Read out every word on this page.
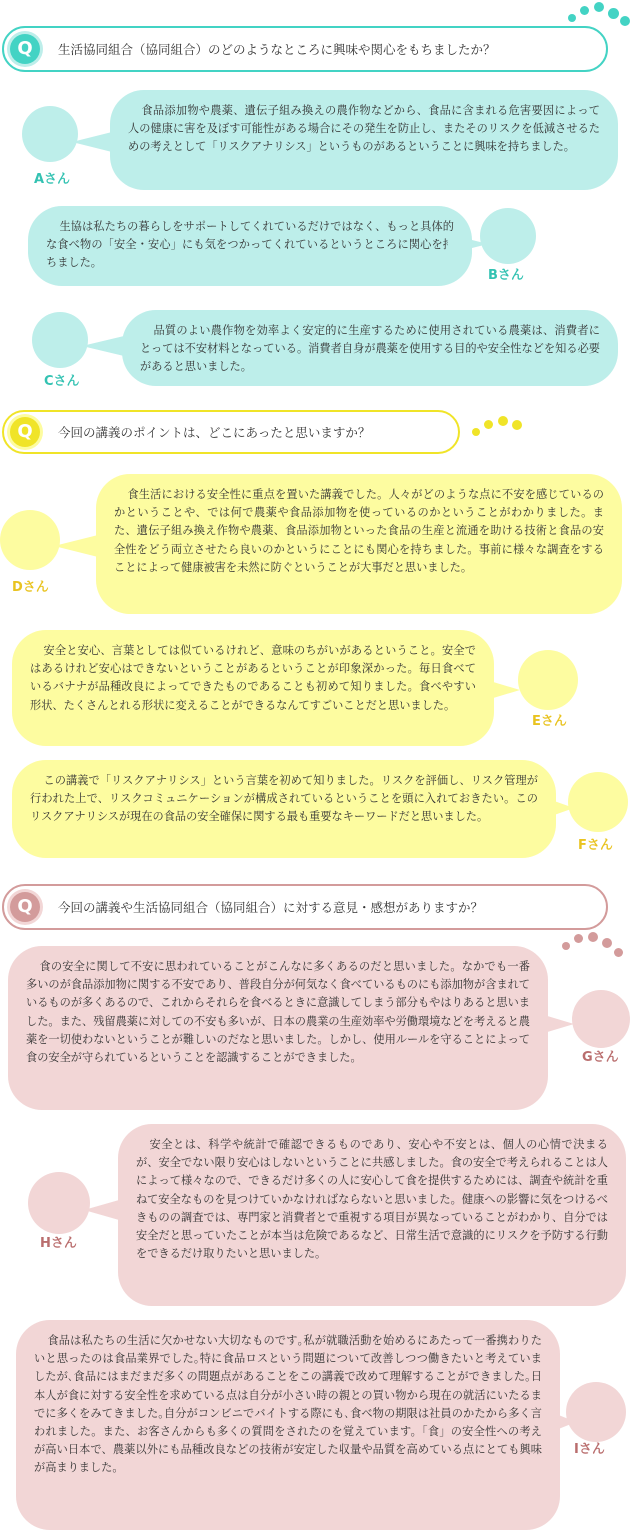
Q	生活協同組合（協同組合）のどのようなところに興味や関心をもちましたか？
Aさん

食品添加物や農薬、遺伝子組み換えの農作物などから、食品に含まれる危害要因によって人の健康に害を及ぼす可能性がある場合にその発生を防止し、またそのリスクを低減させるための考えとして「リスクアナリシス」というものがあるということに興味を持ちました。

生協は私たちの暮らしをサポートしてくれているだけではなく、もっと具体的な食べ物の「安全・安心」にも気をつかってくれているというところに関心を持ちました。

Bさん
Cさん

品質のよい農作物を効率よく安定的に生産するために使用されている農薬は、消費者にとっては不安材料となっている。消費者自身が農薬を使用する目的や安全性などを知る必要があると思いました。

Q	今回の講義のポイントは、どこにあったと思いますか？
Dさん

食生活における安全性に重点を置いた講義でした。人々がどのような点に不安を感じているのかということや、では何で農薬や食品添加物を使っているのかということがわかりました。また、遺伝子組み換え作物や農薬、食品添加物といった食品の生産と流通を助ける技術と食品の安全性をどう両立させたら良いのかというにことにも関心を持ちました。事前に様々な調査をすることによって健康被害を未然に防ぐということが大事だと思いました。

安全と安心、言葉としては似ているけれど、意味のちがいがあるということ。安全ではあるけれど安心はできないということがあるということが印象深かった。毎日食べているバナナが品種改良によってできたものであることも初めて知りました。食べやすい形状、たくさんとれる形状に変えることができるなんてすごいことだと思いました。

Eさん

この講義で「リスクアナリシス」という言葉を初めて知りました。リスクを評価し、リスク管理が行われた上で、リスクコミュニケーションが構成されているということを頭に入れておきたい。このリスクアナリシスが現在の食品の安全確保に関する最も重要なキーワードだと思いました。

Fさん
Q	今回の講義や生活協同組合（協同組合）に対する意見・感想がありますか？

食の安全に関して不安に思われていることがこんなに多くあるのだと思いました。なかでも一番多いのが食品添加物に関する不安であり、普段自分が何気なく食べているものにも添加物が含まれているものが多くあるので、これからそれらを食べるときに意識してしまう部分もやはりあると思いました。また、残留農薬に対しての不安も多いが、日本の農業の生産効率や労働環境などを考えると農薬を一切使わないということが難しいのだなと思いました。しかし、使用ルールを守ることによって食の安全が守られているということを認識することができました。	Gさん
Hさん

安全とは、科学や統計で確認できるものであり、安心や不安とは、個人の心情で決まるが、安全でない限り安心はしないということに共感しました。食の安全で考えられることは人によって様々なので、できるだけ多くの人に安心して食を提供するためには、調査や統計を重ねて安全なものを見つけていかなければならないと思いました。健康への影響に気をつけるべきものの調査では、専門家と消費者とで重視する項目が異なっていることがわかり、自分では安全だと思っていたことが本当は危険であるなど、日常生活で意識的にリスクを予防する行動をできるだけ取りたいと思いました。

食品は私たちの生活に欠かせない大切なものです｡私が就職活動を始めるにあたって一番携わりたいと思ったのは食品業界でした｡特に食品ロスという問題について改善しつつ働きたいと考えていましたが､食品にはまだまだ多くの問題点があることをこの講義で改めて理解することができました｡日本人が食に対する安全性を求めている点は自分が小さい時の親との買い物から現在の就活にいたるまでに多くをみてきました｡自分がコンビニでバイトする際にも､食べ物の期限は社員のかたから多く言われました。また、お客さんからも多くの質問をされたのを覚えています。「食」の安全性への考えが高い日本で、農薬以外にも品種改良などの技術が安定した収量や品質を高めている点にとても興味が高まりました。

Iさん
